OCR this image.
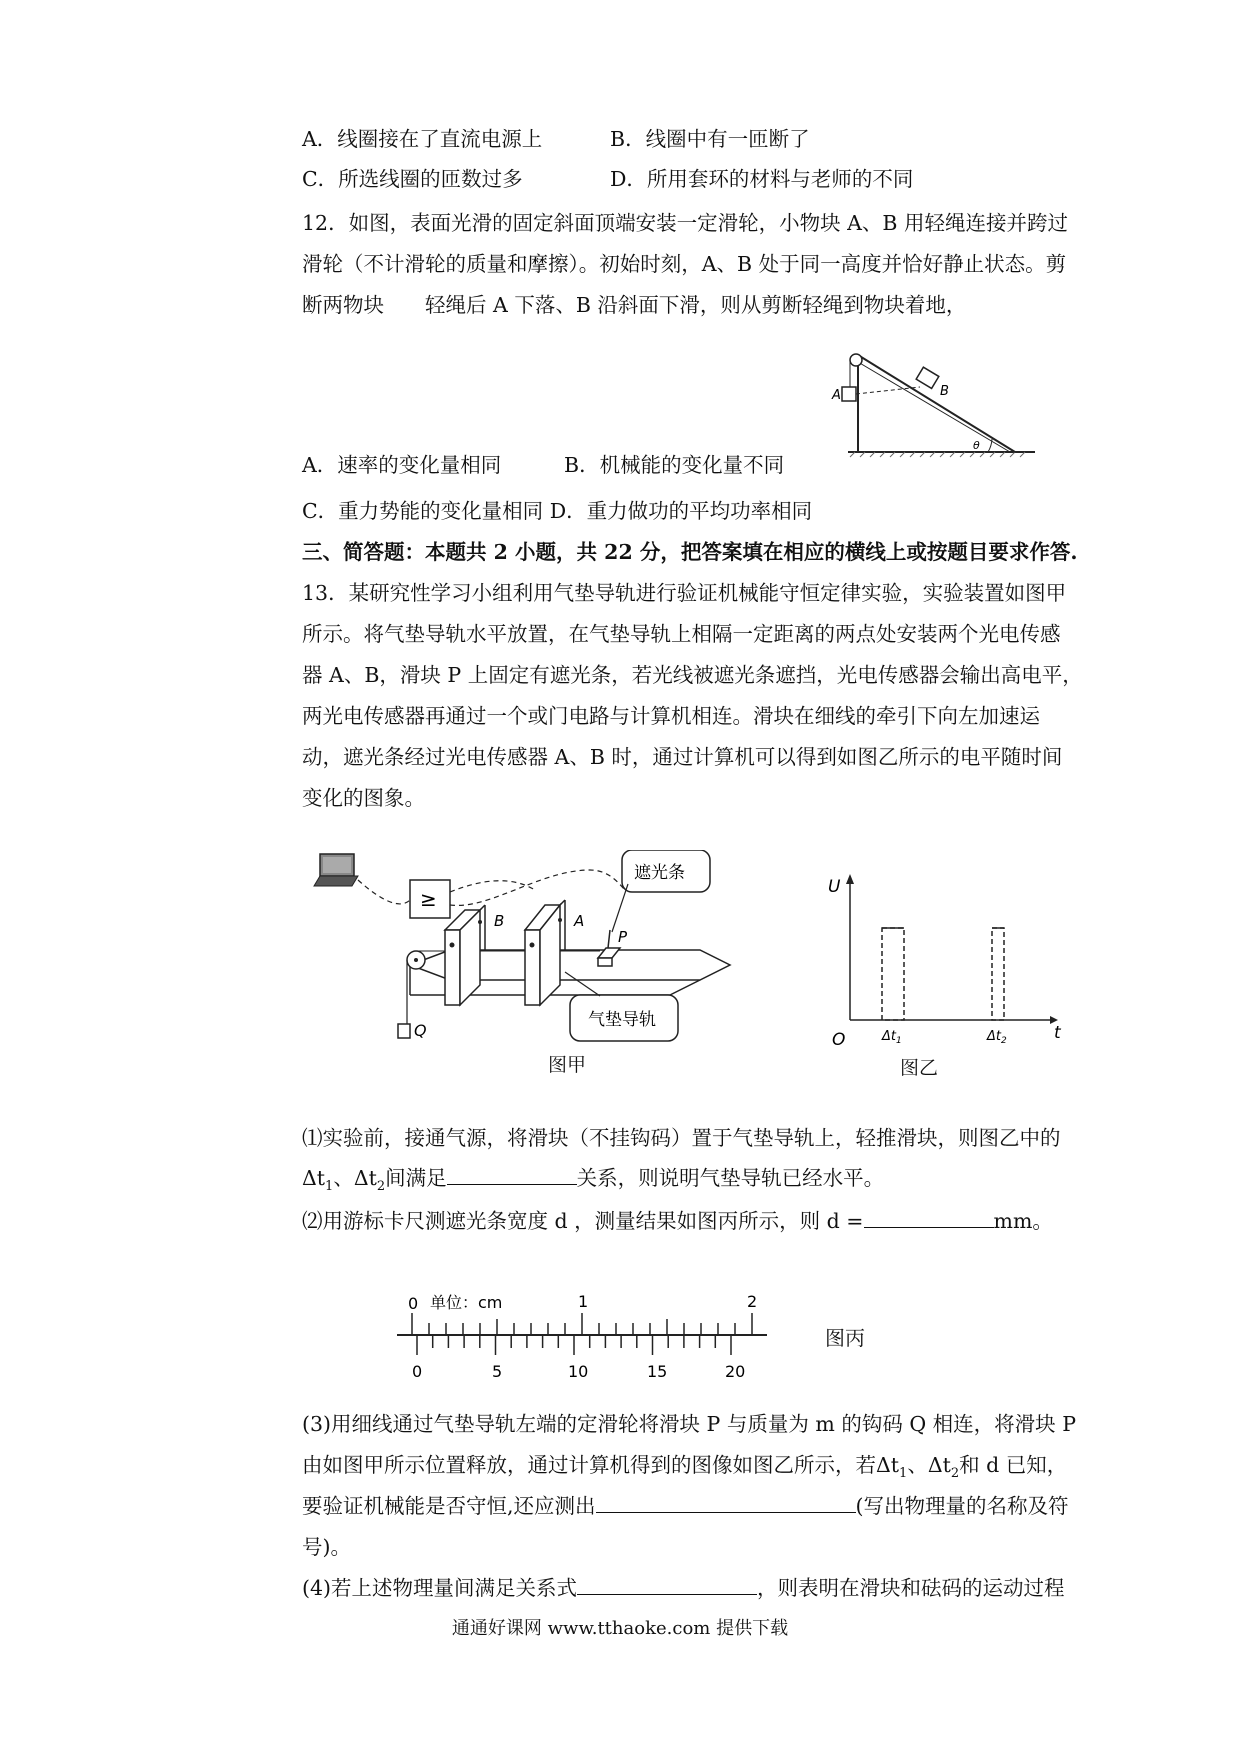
A．线圈接在了直流电源上	B．线圈中有一匝断了
C．所选线圈的匝数过多	D．所用套环的材料与老师的不同
12．如图，表面光滑的固定斜面顶端安装一定滑轮，小物块 A、B 用轻绳连接并跨过
滑轮（不计滑轮的质量和摩擦）。初始时刻，A、B 处于同一高度并恰好静止状态。剪
断两物块　　轻绳后 A 下落、B 沿斜面下滑，则从剪断轻绳到物块着地，
A	B
θ
A．速率的变化量相同	B．机械能的变化量不同
C．重力势能的变化量相同 D．重力做功的平均功率相同
三、简答题：本题共 2 小题，共 22 分，把答案填在相应的横线上或按题目要求作答.
13．某研究性学习小组利用气垫导轨进行验证机械能守恒定律实验，实验装置如图甲
所示。将气垫导轨水平放置，在气垫导轨上相隔一定距离的两点处安装两个光电传感
器 A、B，滑块 P 上固定有遮光条，若光线被遮光条遮挡，光电传感器会输出高电平，
两光电传感器再通过一个或门电路与计算机相连。滑块在细线的牵引下向左加速运
动，遮光条经过光电传感器 A、B 时，通过计算机可以得到如图乙所示的电平随时间
变化的图象。
≥
Q
B	A
P
遮光条
气垫导轨
图甲
U
O	t
$\Delta t_1$	$\Delta t_2$
图乙
⑴实验前，接通气源，将滑块（不挂钩码）置于气垫导轨上，轻推滑块，则图乙中的
$\Delta t_1$、$\Delta t_2$间满足	关系，则说明气垫导轨已经水平。
⑵用游标卡尺测遮光条宽度 d ，测量结果如图丙所示，则 d =	mm。
0 单位：cm	1	2
0	5	10	15	20
图丙
(3)用细线通过气垫导轨左端的定滑轮将滑块 P 与质量为 m 的钩码 Q 相连，将滑块 P
由如图甲所示位置释放，通过计算机得到的图像如图乙所示，若$\Delta t_1$、$\Delta t_2$和 d 已知，
要验证机械能是否守恒,还应测出	(写出物理量的名称及符
号)。
(4)若上述物理量间满足关系式	，则表明在滑块和砝码的运动过程
通通好课网 www.tthaoke.com 提供下载
